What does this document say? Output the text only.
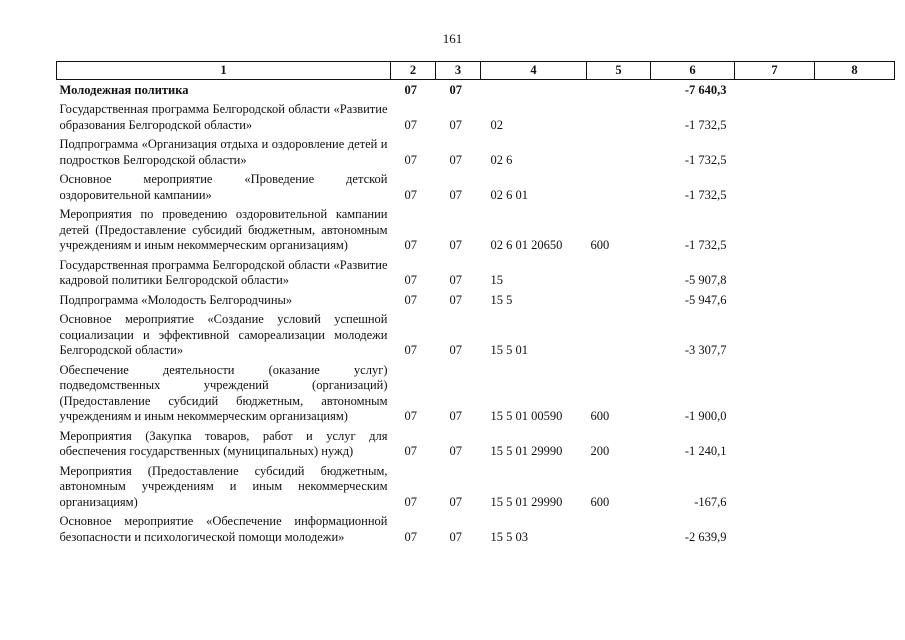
161
1	2	3	4	5	6	7	8
Молодежная политика	07	07			-7 640,3		
Государственная программа Белгородской области «Развитие образования Белгородской области»	07	07	02		-1 732,5		
Подпрограмма «Организация отдыха и оздоровление детей и подростков Белгородской области»	07	07	02 6		-1 732,5		
Основное мероприятие «Проведение детской оздоровительной кампании»	07	07	02 6 01		-1 732,5		
Мероприятия по проведению оздоровительной кампании детей (Предоставление субсидий бюджетным, автономным учреждениям и иным некоммерческим организациям)	07	07	02 6 01 20650	600	-1 732,5		
Государственная программа Белгородской области «Развитие кадровой политики Белгородской области»	07	07	15		-5 907,8		
Подпрограмма «Молодость Белгородчины»	07	07	15 5		-5 947,6		
Основное мероприятие «Создание условий успешной социализации и эффективной самореализации молодежи Белгородской области»	07	07	15 5 01		-3 307,7		
Обеспечение деятельности (оказание услуг) подведомственных учреждений (организаций) (Предоставление субсидий бюджетным, автономным учреждениям и иным некоммерческим организациям)	07	07	15 5 01 00590	600	-1 900,0		
Мероприятия (Закупка товаров, работ и услуг для обеспечения государственных (муниципальных) нужд)	07	07	15 5 01 29990	200	-1 240,1		
Мероприятия (Предоставление субсидий бюджетным, автономным учреждениям и иным некоммерческим организациям)	07	07	15 5 01 29990	600	-167,6		
Основное мероприятие «Обеспечение информационной безопасности и психологической помощи молодежи»	07	07	15 5 03		-2 639,9		
